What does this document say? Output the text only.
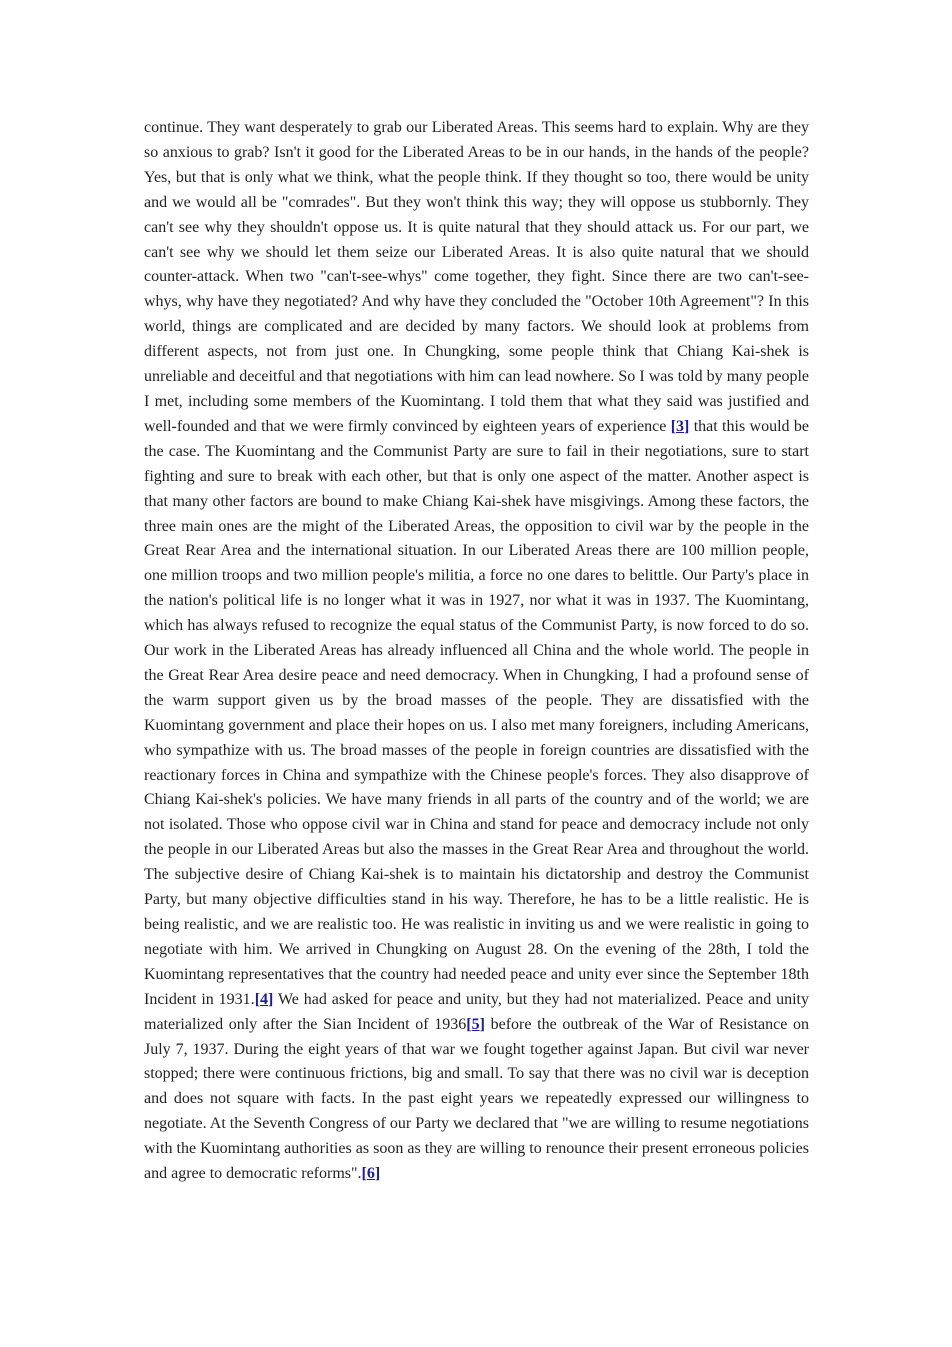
continue. They want desperately to grab our Liberated Areas. This seems hard to explain. Why are they so anxious to grab? Isn't it good for the Liberated Areas to be in our hands, in the hands of the people? Yes, but that is only what we think, what the people think. If they thought so too, there would be unity and we would all be "comrades". But they won't think this way; they will oppose us stubbornly. They can't see why they shouldn't oppose us. It is quite natural that they should attack us. For our part, we can't see why we should let them seize our Liberated Areas. It is also quite natural that we should counter-attack. When two "can't-see-whys" come together, they fight. Since there are two can't-see-whys, why have they negotiated? And why have they concluded the "October 10th Agreement"? In this world, things are complicated and are decided by many factors. We should look at problems from different aspects, not from just one. In Chungking, some people think that Chiang Kai-shek is unreliable and deceitful and that negotiations with him can lead nowhere. So I was told by many people I met, including some members of the Kuomintang. I told them that what they said was justified and well-founded and that we were firmly convinced by eighteen years of experience [3] that this would be the case. The Kuomintang and the Communist Party are sure to fail in their negotiations, sure to start fighting and sure to break with each other, but that is only one aspect of the matter. Another aspect is that many other factors are bound to make Chiang Kai-shek have misgivings. Among these factors, the three main ones are the might of the Liberated Areas, the opposition to civil war by the people in the Great Rear Area and the international situation. In our Liberated Areas there are 100 million people, one million troops and two million people's militia, a force no one dares to belittle. Our Party's place in the nation's political life is no longer what it was in 1927, nor what it was in 1937. The Kuomintang, which has always refused to recognize the equal status of the Communist Party, is now forced to do so. Our work in the Liberated Areas has already influenced all China and the whole world. The people in the Great Rear Area desire peace and need democracy. When in Chungking, I had a profound sense of the warm support given us by the broad masses of the people. They are dissatisfied with the Kuomintang government and place their hopes on us. I also met many foreigners, including Americans, who sympathize with us. The broad masses of the people in foreign countries are dissatisfied with the reactionary forces in China and sympathize with the Chinese people's forces. They also disapprove of Chiang Kai-shek's policies. We have many friends in all parts of the country and of the world; we are not isolated. Those who oppose civil war in China and stand for peace and democracy include not only the people in our Liberated Areas but also the masses in the Great Rear Area and throughout the world. The subjective desire of Chiang Kai-shek is to maintain his dictatorship and destroy the Communist Party, but many objective difficulties stand in his way. Therefore, he has to be a little realistic. He is being realistic, and we are realistic too. He was realistic in inviting us and we were realistic in going to negotiate with him. We arrived in Chungking on August 28. On the evening of the 28th, I told the Kuomintang representatives that the country had needed peace and unity ever since the September 18th Incident in 1931.[4] We had asked for peace and unity, but they had not materialized. Peace and unity materialized only after the Sian Incident of 1936[5] before the outbreak of the War of Resistance on July 7, 1937. During the eight years of that war we fought together against Japan. But civil war never stopped; there were continuous frictions, big and small. To say that there was no civil war is deception and does not square with facts. In the past eight years we repeatedly expressed our willingness to negotiate. At the Seventh Congress of our Party we declared that "we are willing to resume negotiations with the Kuomintang authorities as soon as they are willing to renounce their present erroneous policies and agree to democratic reforms".[6]
